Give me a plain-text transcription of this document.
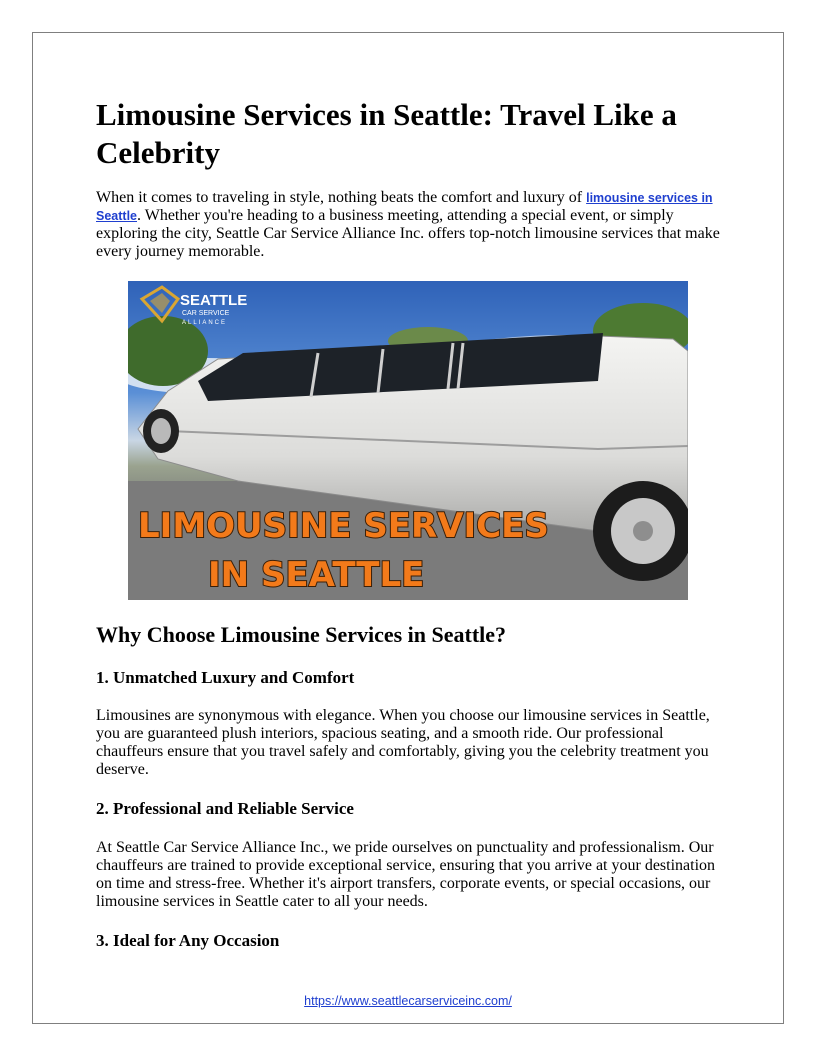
Limousine Services in Seattle: Travel Like a Celebrity

When it comes to traveling in style, nothing beats the comfort and luxury of limousine services in Seattle. Whether you're heading to a business meeting, attending a special event, or simply exploring the city, Seattle Car Service Alliance Inc. offers top-notch limousine services that make every journey memorable.

SEATTLE
CAR SERVICE
ALLIANCE
LIMOUSINE SERVICES
IN SEATTLE
Why Choose Limousine Services in Seattle?
1. Unmatched Luxury and Comfort

Limousines are synonymous with elegance. When you choose our limousine services in Seattle, you are guaranteed plush interiors, spacious seating, and a smooth ride. Our professional chauffeurs ensure that you travel safely and comfortably, giving you the celebrity treatment you deserve.

2. Professional and Reliable Service

At Seattle Car Service Alliance Inc., we pride ourselves on punctuality and professionalism. Our chauffeurs are trained to provide exceptional service, ensuring that you arrive at your destination on time and stress-free. Whether it's airport transfers, corporate events, or special occasions, our limousine services in Seattle cater to all your needs.

3. Ideal for Any Occasion
https://www.seattlecarserviceinc.com/
